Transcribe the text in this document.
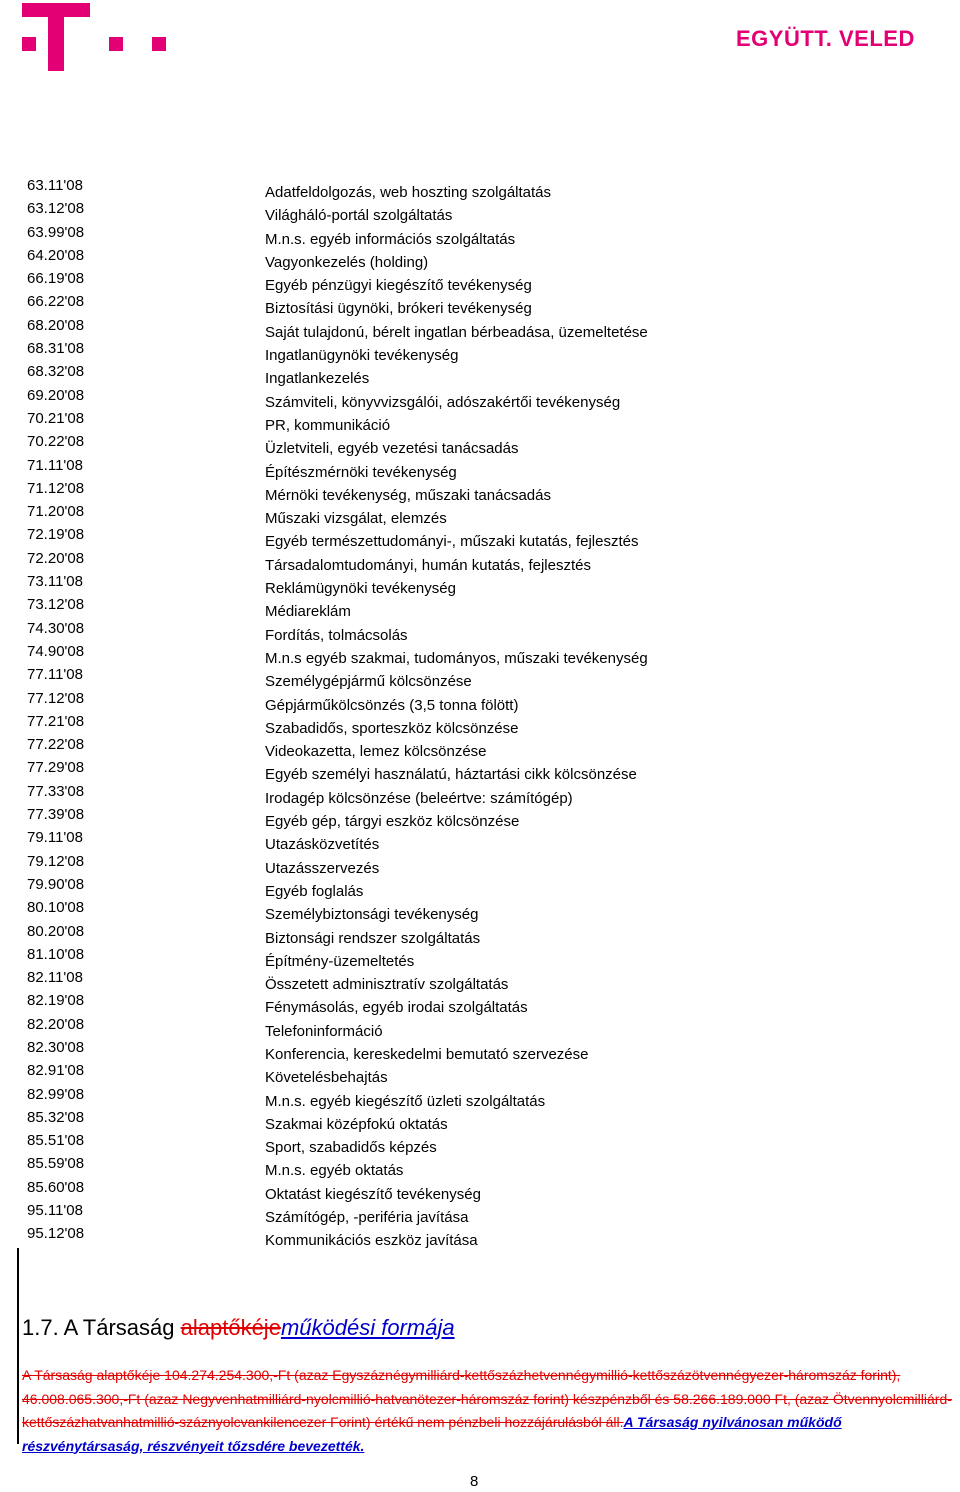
EGYÜTT. VELED
63.11'08	Adatfeldolgozás, web hoszting szolgáltatás
63.12'08	Világháló-portál szolgáltatás
63.99'08	M.n.s. egyéb információs szolgáltatás
64.20'08	Vagyonkezelés (holding)
66.19'08	Egyéb pénzügyi kiegészítő tevékenység
66.22'08	Biztosítási ügynöki, brókeri tevékenység
68.20'08	Saját tulajdonú, bérelt ingatlan bérbeadása, üzemeltetése
68.31'08	Ingatlanügynöki tevékenység
68.32'08	Ingatlankezelés
69.20'08	Számviteli, könyvvizsgálói, adószakértői tevékenység
70.21'08	PR, kommunikáció
70.22'08	Üzletviteli, egyéb vezetési tanácsadás
71.11'08	Építészmérnöki tevékenység
71.12'08	Mérnöki tevékenység, műszaki tanácsadás
71.20'08	Műszaki vizsgálat, elemzés
72.19'08	Egyéb természettudományi-, műszaki kutatás, fejlesztés
72.20'08	Társadalomtudományi, humán kutatás, fejlesztés
73.11'08	Reklámügynöki tevékenység
73.12'08	Médiareklám
74.30'08	Fordítás, tolmácsolás
74.90'08	M.n.s egyéb szakmai, tudományos, műszaki tevékenység
77.11'08	Személygépjármű kölcsönzése
77.12'08	Gépjárműkölcsönzés (3,5 tonna fölött)
77.21'08	Szabadidős, sporteszköz kölcsönzése
77.22'08	Videokazetta, lemez kölcsönzése
77.29'08	Egyéb személyi használatú, háztartási cikk kölcsönzése
77.33'08	Irodagép kölcsönzése (beleértve: számítógép)
77.39'08	Egyéb gép, tárgyi eszköz kölcsönzése
79.11'08	Utazásközvetítés
79.12'08	Utazásszervezés
79.90'08	Egyéb foglalás
80.10'08	Személybiztonsági tevékenység
80.20'08	Biztonsági rendszer szolgáltatás
81.10'08	Építmény-üzemeltetés
82.11'08	Összetett adminisztratív szolgáltatás
82.19'08	Fénymásolás, egyéb irodai szolgáltatás
82.20'08	Telefoninformáció
82.30'08	Konferencia, kereskedelmi bemutató szervezése
82.91'08	Követelésbehajtás
82.99'08	M.n.s. egyéb kiegészítő üzleti szolgáltatás
85.32'08	Szakmai középfokú oktatás
85.51'08	Sport, szabadidős képzés
85.59'08	M.n.s. egyéb oktatás
85.60'08	Oktatást kiegészítő tevékenység
95.11'08	Számítógép, -periféria javítása
95.12'08	Kommunikációs eszköz javítása
1.7. A Társaság alaptőkéjeműködési formája
A Társaság alaptőkéje 104.274.254.300,-Ft (azaz Egyszáznégymilliárd-kettőszázhetvennégymillió-kettőszázötvennégyezer-háromszáz forint), 46.008.065.300,-Ft (azaz Negyvenhatmilliárd-nyolcmillió-hatvanötezer-háromszáz forint) készpénzből és 58.266.189.000 Ft, (azaz Ötvennyolcmilliárd-kettőszázhatvanhatmillió-száznyolcvankilencezer Forint) értékű nem pénzbeli hozzájárulásból áll.A Társaság nyilvánosan működő részvénytársaság, részvényeit tőzsdére bevezették.
8
